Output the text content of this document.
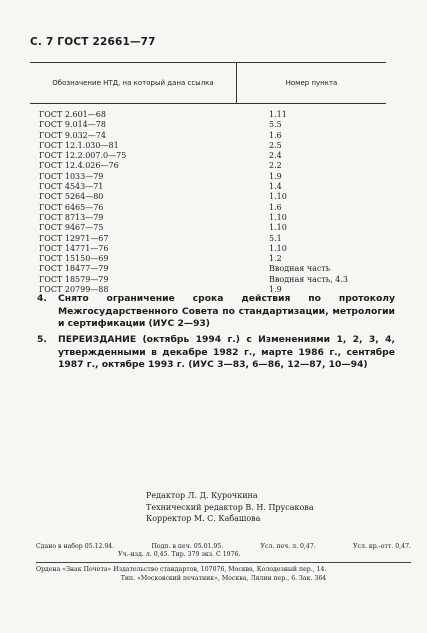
С. 7 ГОСТ 22661—77
Обозначение НТД, на который дана ссылка	Номер пункта
ГОСТ 2.601—68	1.11
ГОСТ 9.014—78	5.5
ГОСТ 9.032—74	1.6
ГОСТ 12.1.030—81	2.5
ГОСТ 12.2.007.0—75	2.4
ГОСТ 12.4.026—76	2.2
ГОСТ 1033—79	1.9
ГОСТ 4543—71	1.4
ГОСТ 5264—80	1.10
ГОСТ 6465—76	1.6
ГОСТ 8713—79	1.10
ГОСТ 9467—75	1.10
ГОСТ 12971—67	5.1
ГОСТ 14771—76	1.10
ГОСТ 15150—69	1.2
ГОСТ 18477—79	Вводная часть
ГОСТ 18579—79	Вводная часть, 4.3
ГОСТ 20799—88	1.9
4. Снято ограничение срока действия по протоколу Межгосударственного Совета по стандартизации, метрологии и сертификации (ИУС 2—93)
5. ПЕРЕИЗДАНИЕ (октябрь 1994 г.) с Изменениями 1, 2, 3, 4, утвержденными в декабре 1982 г., марте 1986 г., сентябре 1987 г., октябре 1993 г. (ИУС 3—83, 6—86, 12—87, 10—94)
Редактор Л. Д. Курочкина
Технический редактор В. Н. Прусакова
Корректор М. С. Кабашова
Сдано в набор 05.12.94.	Подп. в печ. 05.01.95.	Усл. печ. л. 0,47.	Усл. кр.-отт. 0,47.
Уч.-изд. л. 0,45. Тир. 379 экз. С 1976.
Ордена «Знак Почета» Издательство стандартов, 107076, Москва, Колодезный пер., 14.
Тип. «Московский печатник», Москва, Лялин пер., 6. Зак. 364
